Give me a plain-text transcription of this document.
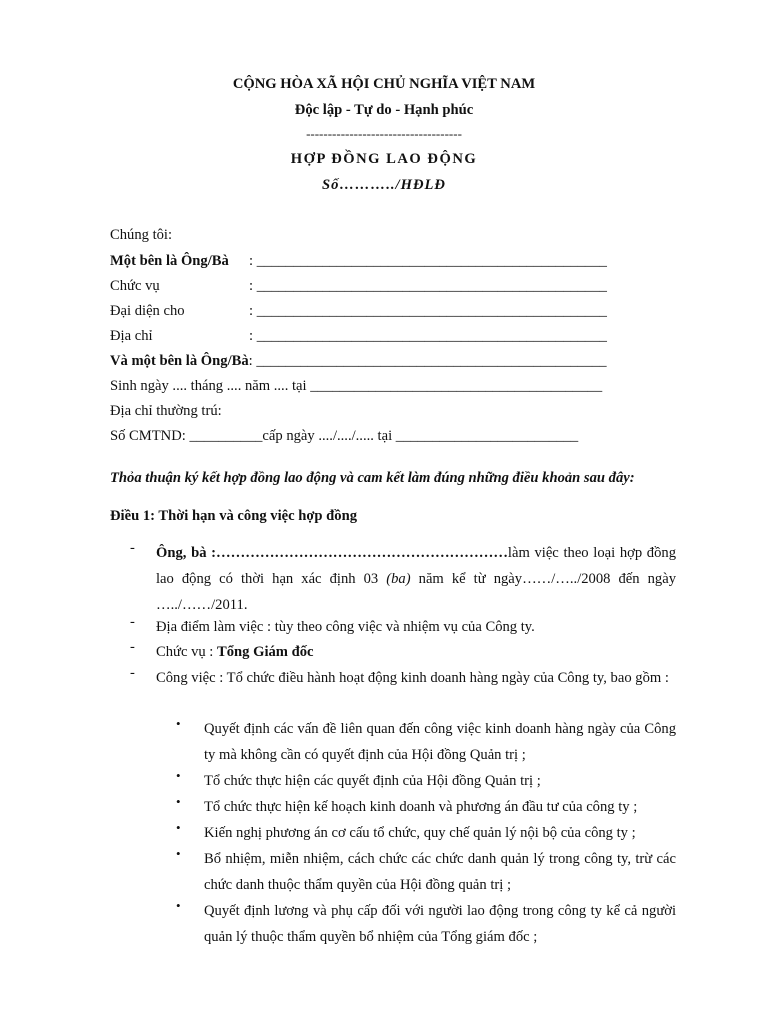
CỘNG HÒA XÃ HỘI CHỦ NGHĨA VIỆT NAM
Độc lập - Tự do - Hạnh phúc
------------------------------------
HỢP ĐỒNG LAO ĐỘNG
Số………../HĐLĐ
Chúng tôi:
Một bên là Ông/Bà : ________________________________________________
Chức vụ	: ________________________________________________
Đại diện cho	: ________________________________________________
Địa chỉ	: ________________________________________________
Và một bên là Ông/Bà: ________________________________________________
Sinh ngày .... tháng .... năm .... tại ________________________________________
Địa chỉ thường trú:
Số CMTND: __________cấp ngày ..../..../..... tại _________________________
Thỏa thuận ký kết hợp đồng lao động và cam kết làm đúng những điều khoản sau đây:
Điều 1: Thời hạn và công việc hợp đồng
- Ông, bà :……………………………………………………làm việc theo loại hợp đồng lao động có thời hạn xác định 03 (ba) năm kể từ ngày……/…../2008 đến ngày …../……/2011.
- Địa điểm làm việc : tùy theo công việc và nhiệm vụ của Công ty.
- Chức vụ : Tổng Giám đốc
- Công việc : Tổ chức điều hành hoạt động kinh doanh hàng ngày của Công ty, bao gồm :
• Quyết định các vấn đề liên quan đến công việc kinh doanh hàng ngày của Công ty mà không cần có quyết định của Hội đồng Quản trị ;
• Tổ chức thực hiện các quyết định của Hội đồng Quản trị ;
• Tổ chức thực hiện kế hoạch kinh doanh và phương án đầu tư của công ty ;
• Kiến nghị phương án cơ cấu tổ chức, quy chế quản lý nội bộ của công ty ;
• Bổ nhiệm, miễn nhiệm, cách chức các chức danh quản lý trong công ty, trừ các chức danh thuộc thẩm quyền của Hội đồng quản trị ;
• Quyết định lương và phụ cấp đối với người lao động trong công ty kể cả người quản lý thuộc thẩm quyền bổ nhiệm của Tổng giám đốc ;
